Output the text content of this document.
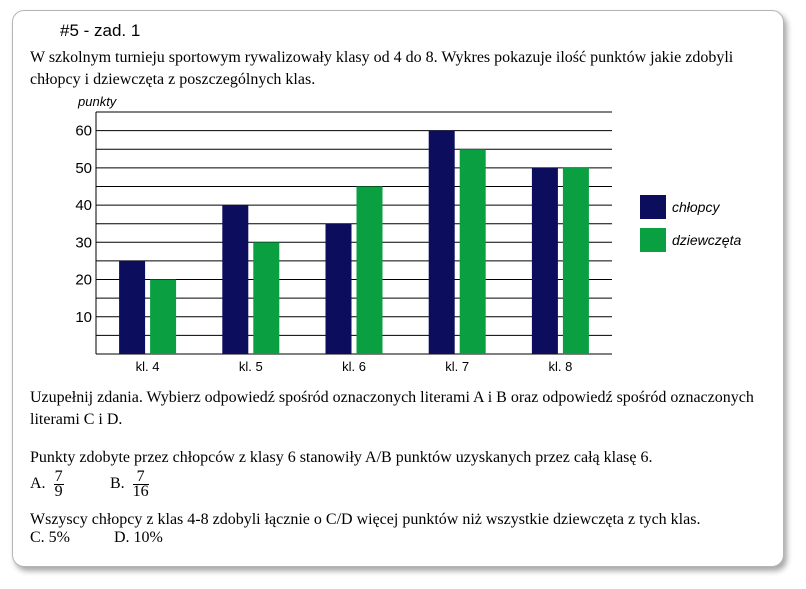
#5 - zad. 1
W szkolnym turnieju sportowym rywalizowały klasy od 4 do 8. Wykres pokazuje ilość punktów jakie zdobyli chłopcy i dziewczęta z poszczególnych klas.
10
20
30
40
50
60
punkty
kl. 4	kl. 5	kl. 6	kl. 7	kl. 8
chłopcy
dziewczęta
Uzupełnij zdania. Wybierz odpowiedź spośród oznaczonych literami A i B oraz odpowiedź spośród oznaczonych literami C i D.
Punkty zdobyte przez chłopców z klasy 6 stanowiły A/B punktów uzyskanych przez całą klasę 6.
A. $\frac{7}{9}$	B. $\frac{7}{16}$
Wszyscy chłopcy z klas 4-8 zdobyli łącznie o C/D więcej punktów niż wszystkie dziewczęta z tych klas.
C. 5%	D. 10%
